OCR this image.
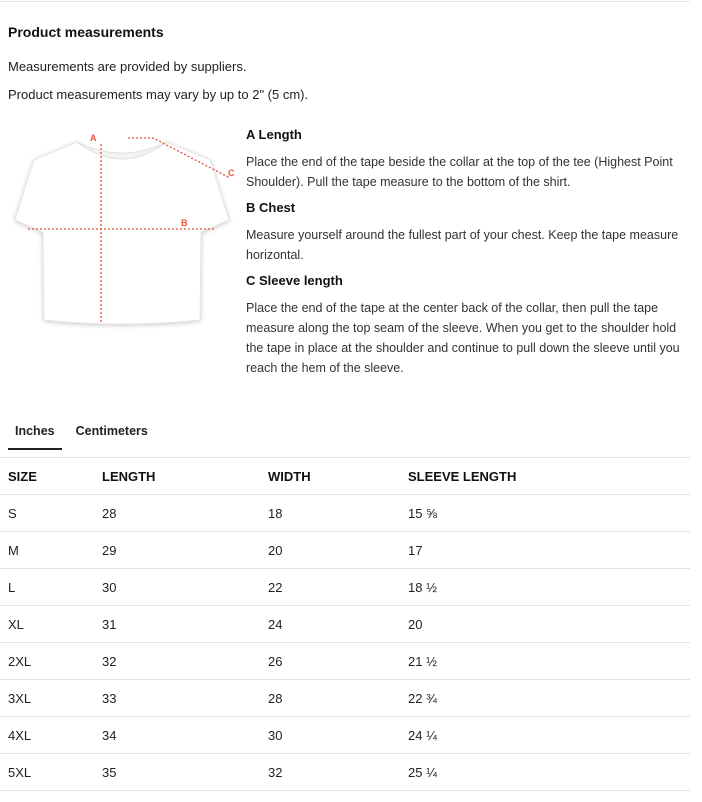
Product measurements

Measurements are provided by suppliers.

Product measurements may vary by up to 2" (5 cm).

A
B
C
A Length

Place the end of the tape beside the collar at the top of the tee (Highest Point Shoulder). Pull the tape measure to the bottom of the shirt.

B Chest

Measure yourself around the fullest part of your chest. Keep the tape measure horizontal.

C Sleeve length

Place the end of the tape at the center back of the collar, then pull the tape measure along the top seam of the sleeve. When you get to the shoulder hold the tape in place at the shoulder and continue to pull down the sleeve until you reach the hem of the sleeve.

Inches	Centimeters
SIZE	LENGTH	WIDTH	SLEEVE LENGTH
S	28	18	15 ⅝
M	29	20	17
L	30	22	18 ½
XL	31	24	20
2XL	32	26	21 ½
3XL	33	28	22 ¾
4XL	34	30	24 ¼
5XL	35	32	25 ¼
